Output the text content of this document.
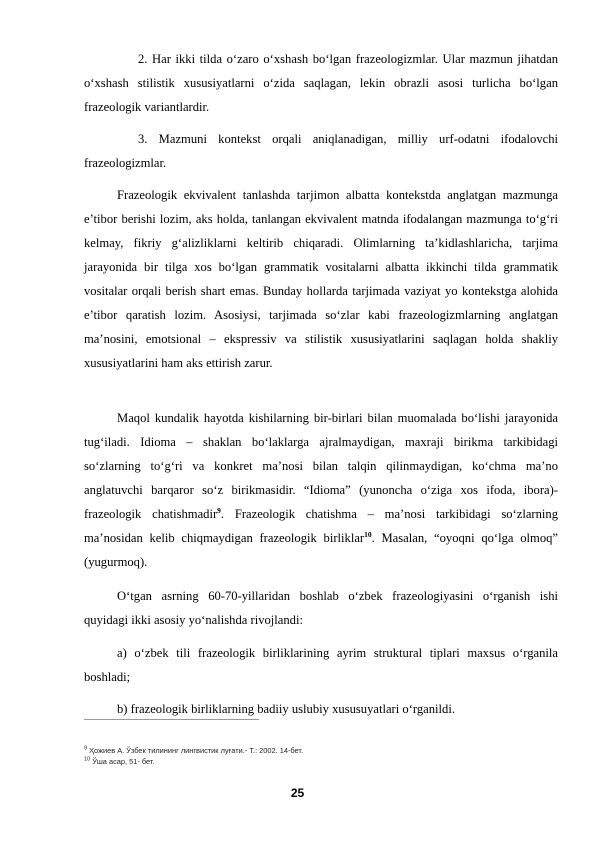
2. Har ikki tilda o‘zaro o‘xshash bo‘lgan frazeologizmlar. Ular mazmun jihatdan o‘xshash stilistik xususiyatlarni o‘zida saqlagan, lekin obrazli asosi turlicha bo‘lgan frazeologik variantlardir.

3. Mazmuni kontekst orqali aniqlanadigan, milliy urf-odatni ifodalovchi frazeologizmlar.

Frazeologik ekvivalent tanlashda tarjimon albatta kontekstda anglatgan mazmunga e’tibor berishi lozim, aks holda, tanlangan ekvivalent matnda ifodalangan mazmunga to‘g‘ri kelmay, fikriy g‘alizliklarni keltirib chiqaradi. Olimlarning ta’kidlashlaricha, tarjima jarayonida bir tilga xos bo‘lgan grammatik vositalarni albatta ikkinchi tilda grammatik vositalar orqali berish shart emas. Bunday hollarda tarjimada vaziyat yo kontekstga alohida e’tibor qaratish lozim. Asosiysi, tarjimada so‘zlar kabi frazeologizmlarning anglatgan ma’nosini, emotsional – ekspressiv va stilistik xususiyatlarini saqlagan holda shakliy xususiyatlarini ham aks ettirish zarur.

Maqol kundalik hayotda kishilarning bir-birlari bilan muomalada bo‘lishi jarayonida tug‘iladi. Idioma – shaklan bo‘laklarga ajralmaydigan, maxraji birikma tarkibidagi so‘zlarning to‘g‘ri va konkret ma’nosi bilan talqin qilinmaydigan, ko‘chma ma’no anglatuvchi barqaror so‘z birikmasidir. “Idioma” (yunoncha o‘ziga xos ifoda, ibora)-frazeologik chatishmadir$^9$. Frazeologik chatishma – ma’nosi tarkibidagi so‘zlarning ma’nosidan kelib chiqmaydigan frazeologik birliklar$^{10}$. Masalan, “oyoqni qo‘lga olmoq” (yugurmoq).

O‘tgan asrning 60-70-yillaridan boshlab o‘zbek frazeologiyasini o‘rganish ishi quyidagi ikki asosiy yo‘nalishda rivojlandi:

a) o‘zbek tili frazeologik birliklarining ayrim struktural tiplari maxsus o‘rganila boshladi;

b) frazeologik birliklarning badiiy uslubiy xususuyatlari o‘rganildi.

$^9$ Ҳожиев А. Ўзбек тилининг лингвистик луғати.- Т.: 2002. 14-бет.
$^{10}$ Ўша асар, 51- бет.
25
